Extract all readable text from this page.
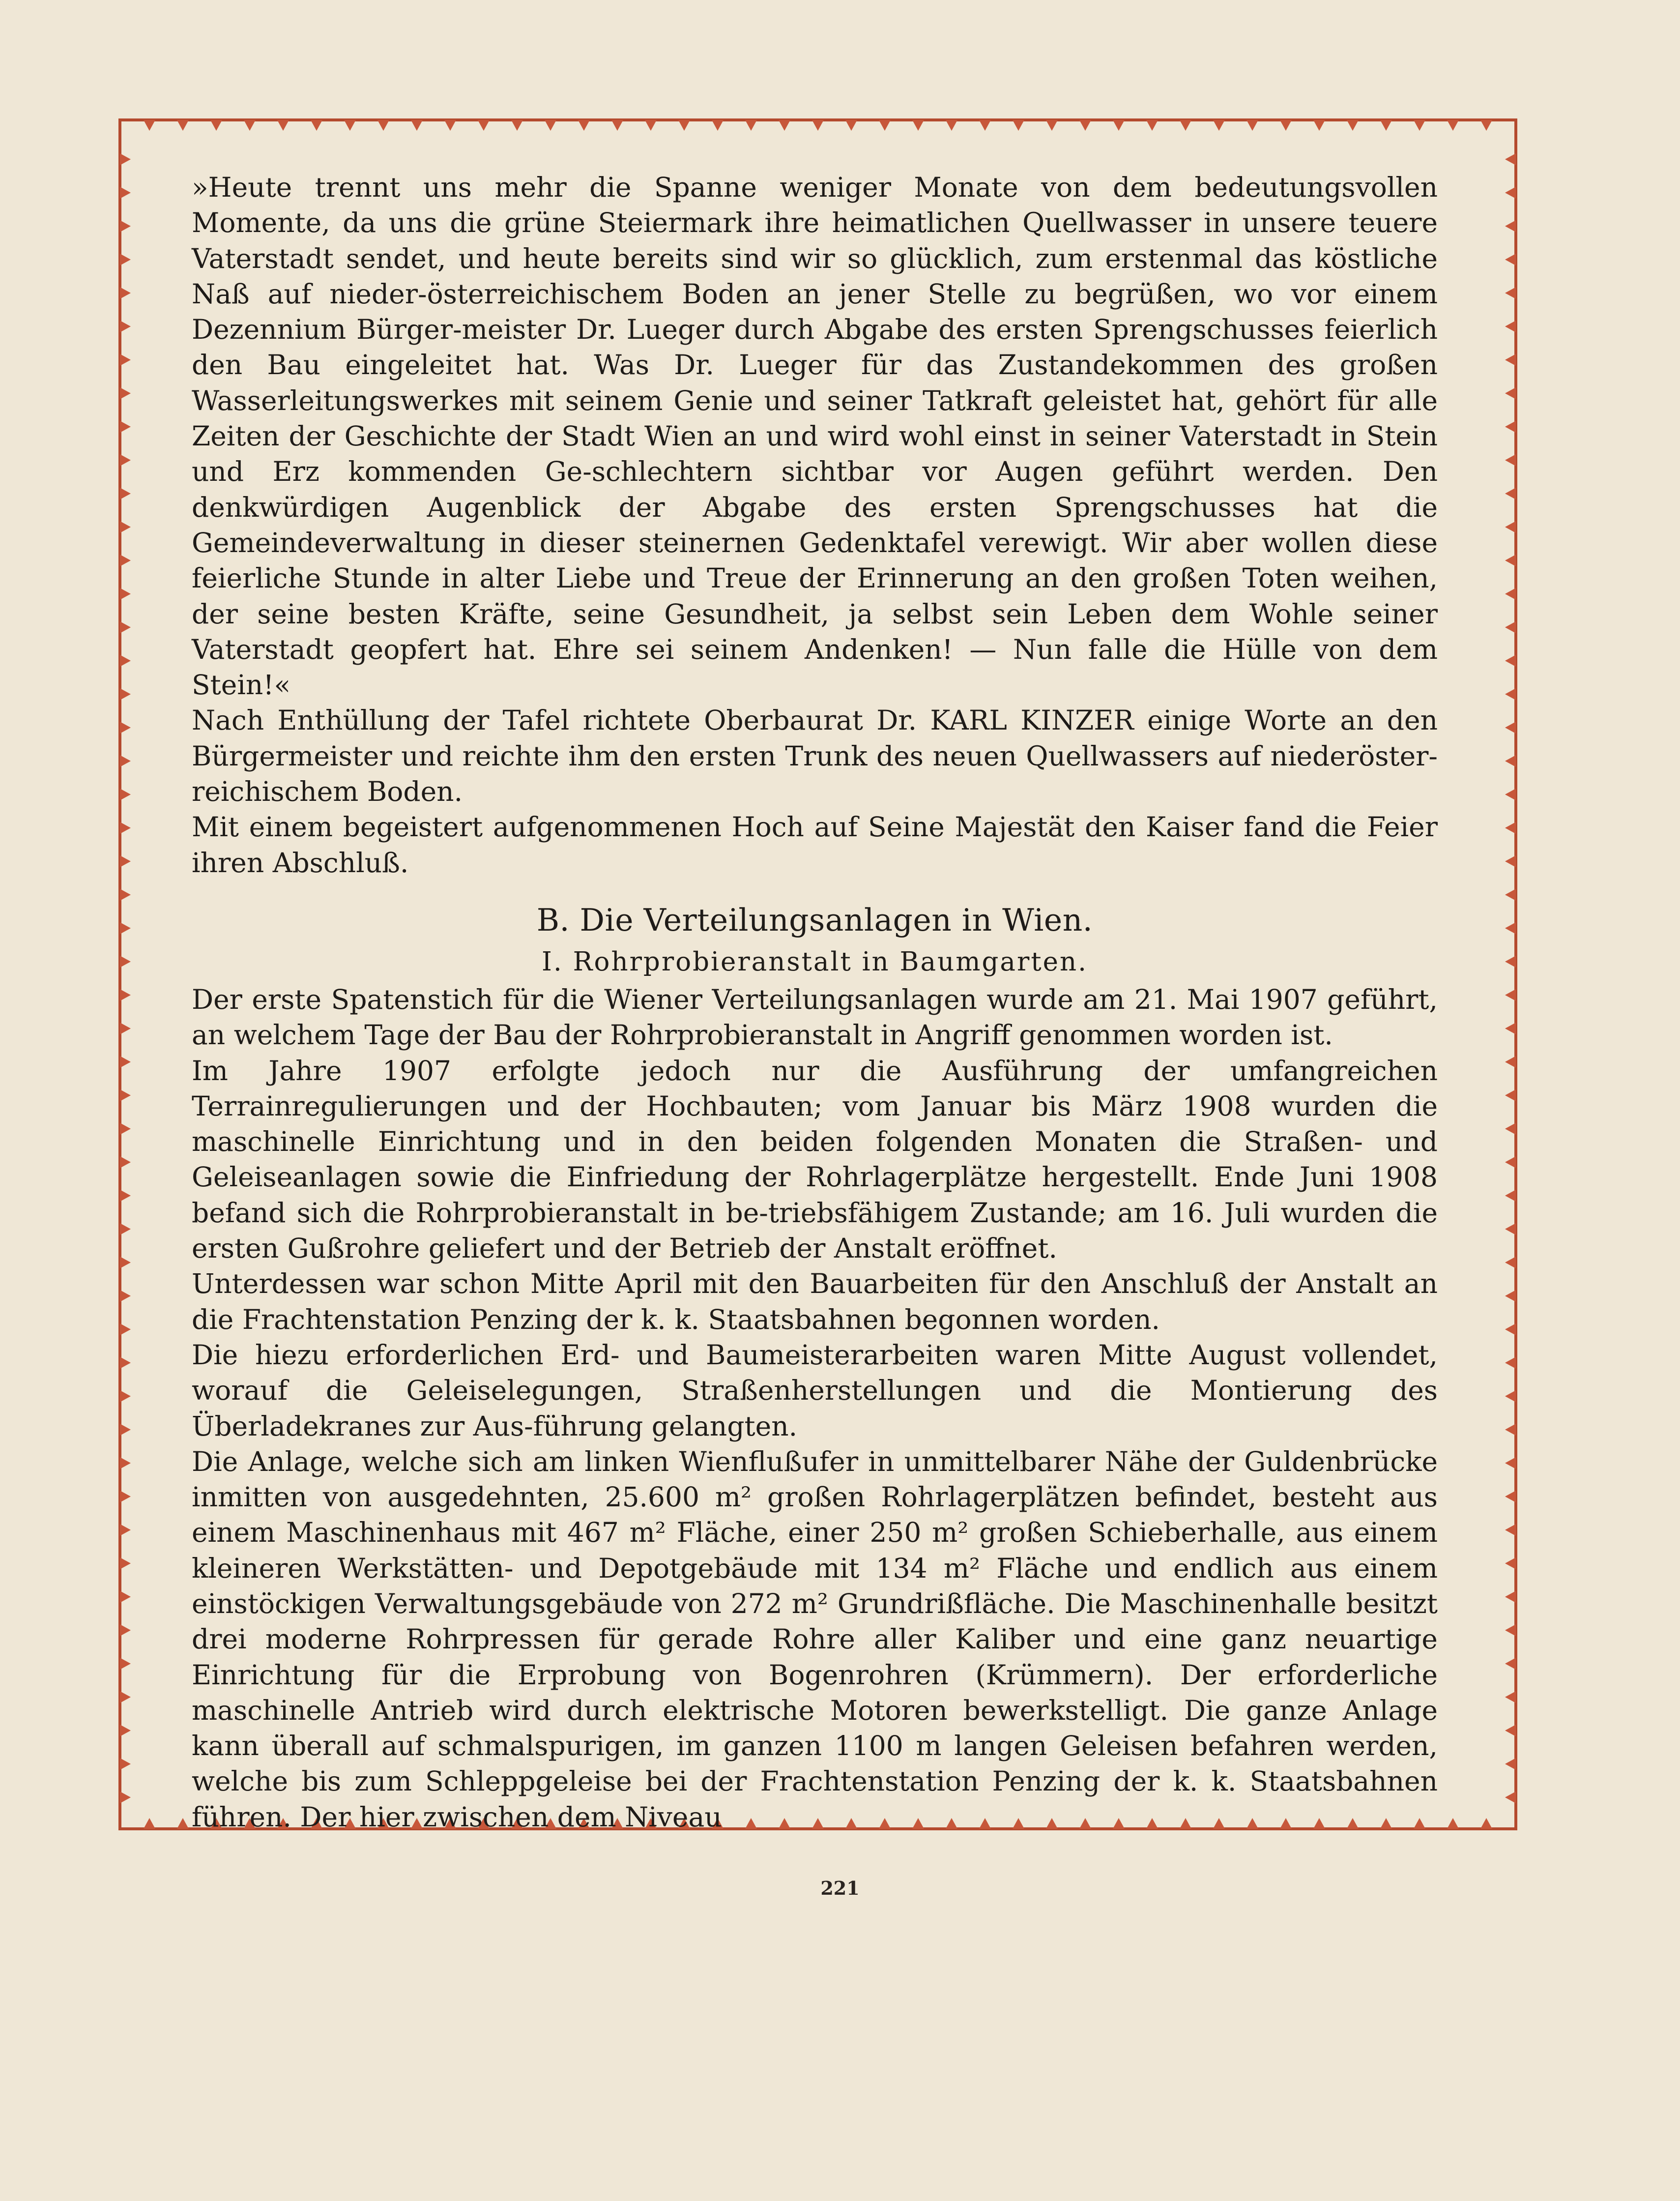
»Heute trennt uns mehr die Spanne weniger Monate von dem bedeutungsvollen Momente, da uns die grüne Steiermark ihre heimatlichen Quellwasser in unsere teuere Vaterstadt sendet, und heute bereits sind wir so glücklich, zum erstenmal das köstliche Naß auf nieder-österreichischem Boden an jener Stelle zu begrüßen, wo vor einem Dezennium Bürger-meister Dr. Lueger durch Abgabe des ersten Sprengschusses feierlich den Bau eingeleitet hat. Was Dr. Lueger für das Zustandekommen des großen Wasserleitungswerkes mit seinem Genie und seiner Tatkraft geleistet hat, gehört für alle Zeiten der Geschichte der Stadt Wien an und wird wohl einst in seiner Vaterstadt in Stein und Erz kommenden Ge-schlechtern sichtbar vor Augen geführt werden. Den denkwürdigen Augenblick der Abgabe des ersten Sprengschusses hat die Gemeindeverwaltung in dieser steinernen Gedenktafel verewigt. Wir aber wollen diese feierliche Stunde in alter Liebe und Treue der Erinnerung an den großen Toten weihen, der seine besten Kräfte, seine Gesundheit, ja selbst sein Leben dem Wohle seiner Vaterstadt geopfert hat. Ehre sei seinem Andenken! — Nun falle die Hülle von dem Stein!«

Nach Enthüllung der Tafel richtete Oberbaurat Dr. KARL KINZER einige Worte an den Bürgermeister und reichte ihm den ersten Trunk des neuen Quellwassers auf niederöster-reichischem Boden.

Mit einem begeistert aufgenommenen Hoch auf Seine Majestät den Kaiser fand die Feier ihren Abschluß.

B. Die Verteilungsanlagen in Wien.
I. Rohrprobieranstalt in Baumgarten.

Der erste Spatenstich für die Wiener Verteilungsanlagen wurde am 21. Mai 1907 geführt, an welchem Tage der Bau der Rohrprobieranstalt in Angriff genommen worden ist.

Im Jahre 1907 erfolgte jedoch nur die Ausführung der umfangreichen Terrainregulierungen und der Hochbauten; vom Januar bis März 1908 wurden die maschinelle Einrichtung und in den beiden folgenden Monaten die Straßen- und Geleiseanlagen sowie die Einfriedung der Rohrlagerplätze hergestellt. Ende Juni 1908 befand sich die Rohrprobieranstalt in be-triebsfähigem Zustande; am 16. Juli wurden die ersten Gußrohre geliefert und der Betrieb der Anstalt eröffnet.

Unterdessen war schon Mitte April mit den Bauarbeiten für den Anschluß der Anstalt an die Frachtenstation Penzing der k. k. Staatsbahnen begonnen worden.

Die hiezu erforderlichen Erd- und Baumeisterarbeiten waren Mitte August vollendet, worauf die Geleiselegungen, Straßenherstellungen und die Montierung des Überladekranes zur Aus-führung gelangten.

Die Anlage, welche sich am linken Wienflußufer in unmittelbarer Nähe der Guldenbrücke inmitten von ausgedehnten, 25.600 m² großen Rohrlagerplätzen befindet, besteht aus einem Maschinenhaus mit 467 m² Fläche, einer 250 m² großen Schieberhalle, aus einem kleineren Werkstätten- und Depotgebäude mit 134 m² Fläche und endlich aus einem einstöckigen Verwaltungsgebäude von 272 m² Grundrißfläche. Die Maschinenhalle besitzt drei moderne Rohrpressen für gerade Rohre aller Kaliber und eine ganz neuartige Einrichtung für die Erprobung von Bogenrohren (Krümmern). Der erforderliche maschinelle Antrieb wird durch elektrische Motoren bewerkstelligt. Die ganze Anlage kann überall auf schmalspurigen, im ganzen 1100 m langen Geleisen befahren werden, welche bis zum Schleppgeleise bei der Frachtenstation Penzing der k. k. Staatsbahnen führen. Der hier zwischen dem Niveau

221
